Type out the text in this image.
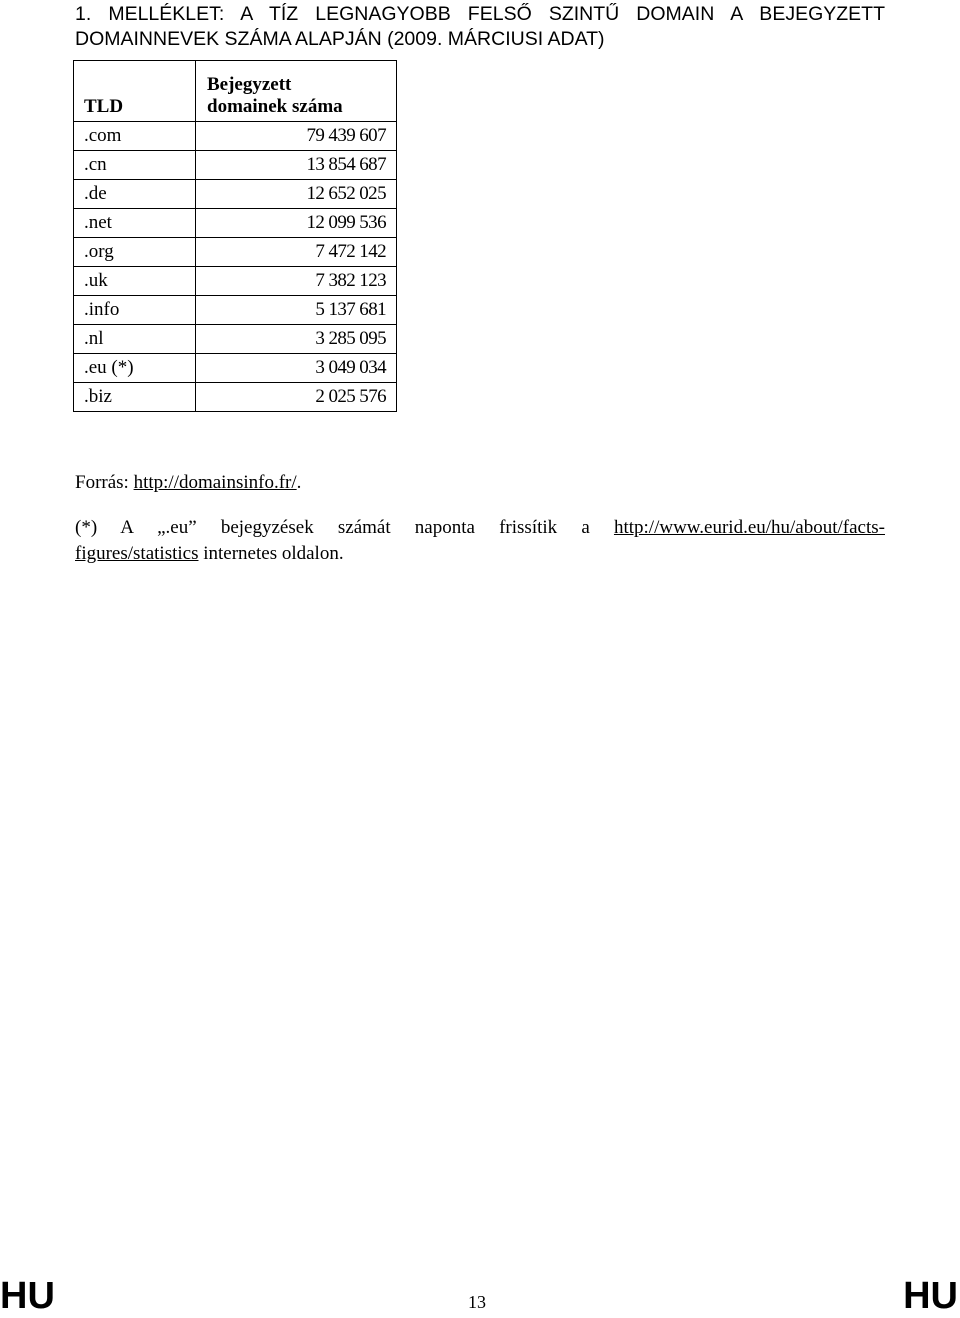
1. MELLÉKLET: A TÍZ LEGNAGYOBB FELSŐ SZINTŰ DOMAIN A BEJEGYZETT
DOMAINNEVEK SZÁMA ALAPJÁN (2009. MÁRCIUSI ADAT)
TLD	Bejegyzett
domainek száma
.com	79 439 607
.cn	13 854 687
.de	12 652 025
.net	12 099 536
.org	7 472 142
.uk	7 382 123
.info	5 137 681
.nl	3 285 095
.eu (*)	3 049 034
.biz	2 025 576
Forrás: http://domainsinfo.fr/.
(*) A „.eu” bejegyzések számát naponta frissítik a http://www.eurid.eu/hu/about/facts-
figures/statistics internetes oldalon.
HU	13	HU
